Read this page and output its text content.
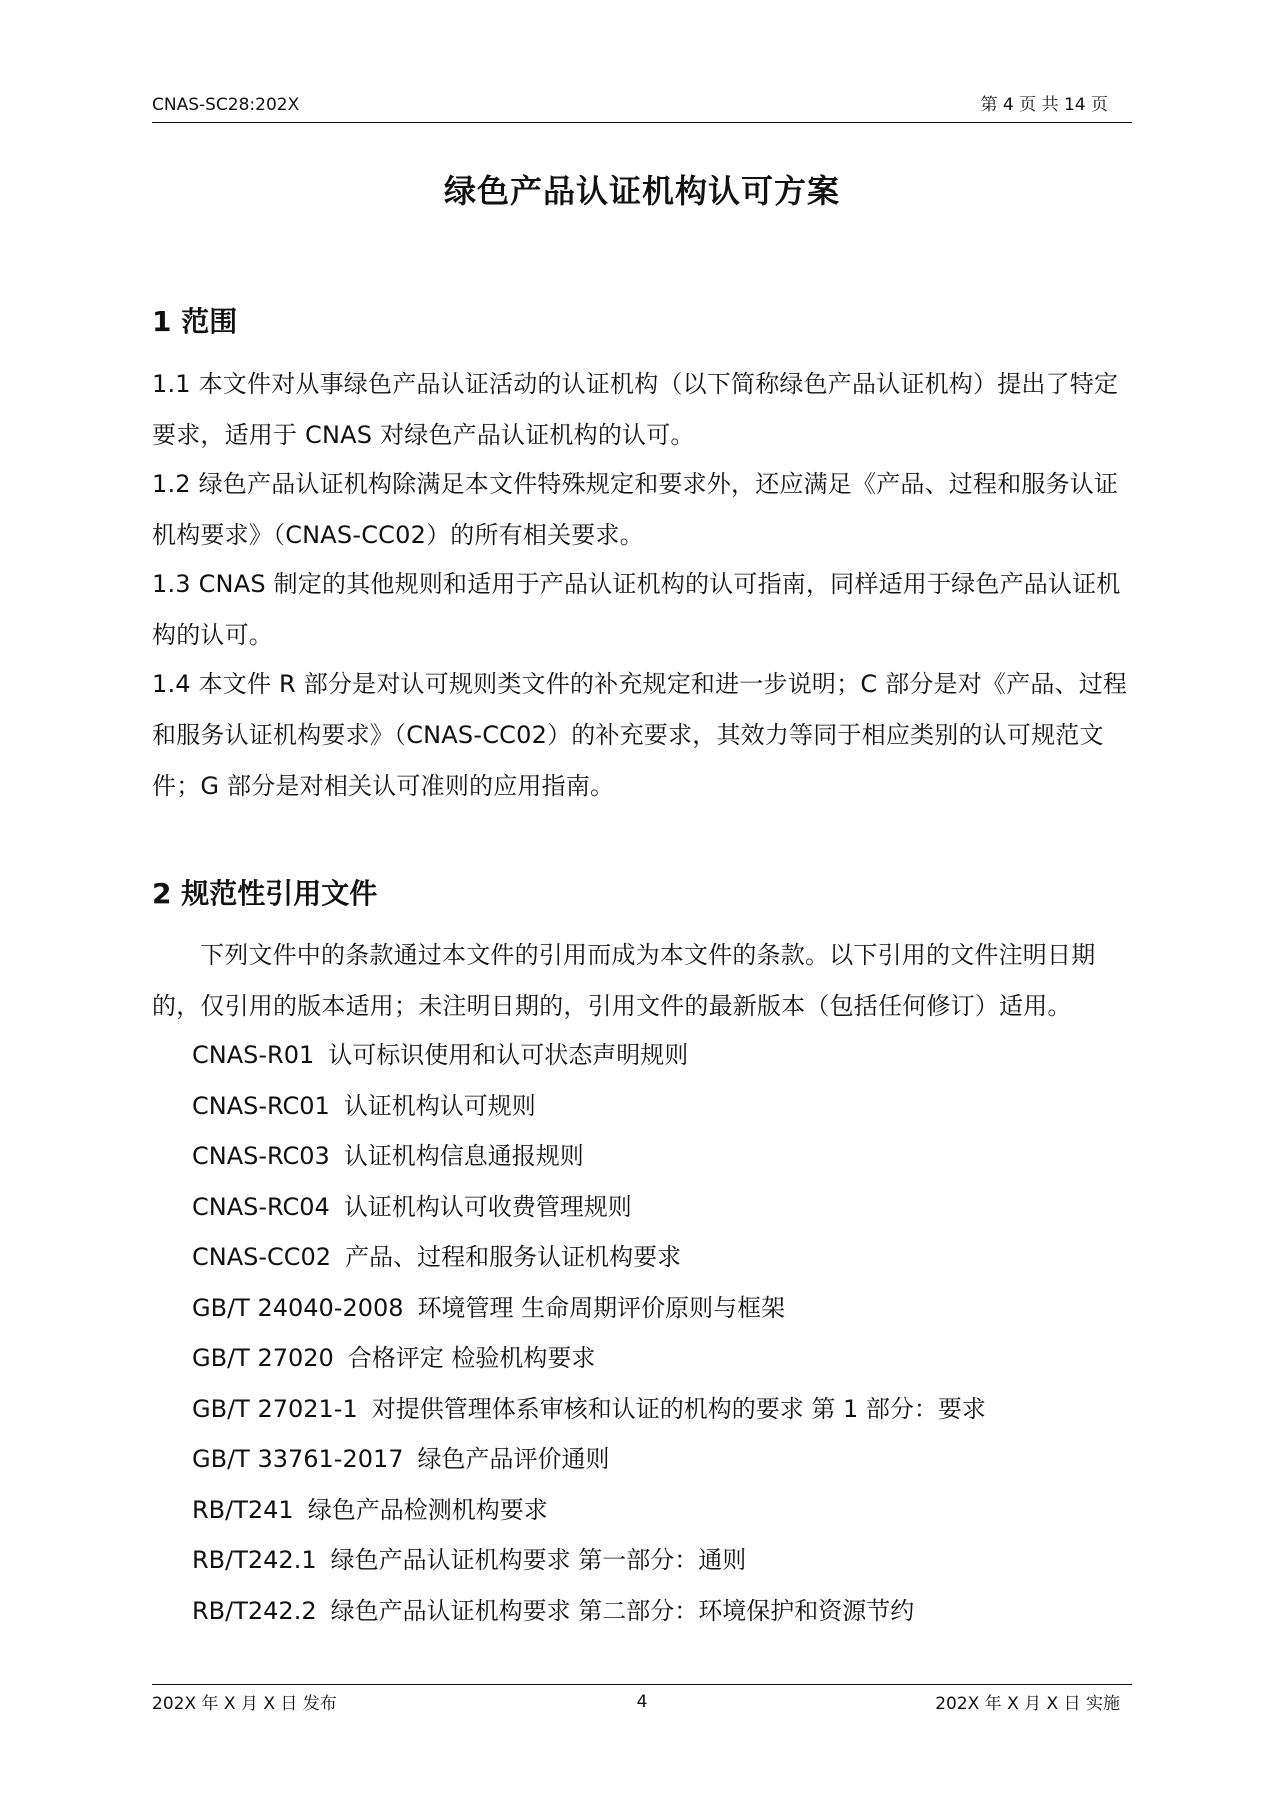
CNAS-SC28:202X	第 4 页 共 14 页
绿色产品认证机构认可方案
1 范围
1.1 本文件对从事绿色产品认证活动的认证机构（以下简称绿色产品认证机构）提出了特定要求，适用于 CNAS 对绿色产品认证机构的认可。
1.2 绿色产品认证机构除满足本文件特殊规定和要求外，还应满足《产品、过程和服务认证机构要求》（CNAS-CC02）的所有相关要求。
1.3 CNAS 制定的其他规则和适用于产品认证机构的认可指南，同样适用于绿色产品认证机构的认可。
1.4 本文件 R 部分是对认可规则类文件的补充规定和进一步说明；C 部分是对《产品、过程和服务认证机构要求》（CNAS-CC02）的补充要求，其效力等同于相应类别的认可规范文件；G 部分是对相关认可准则的应用指南。
2 规范性引用文件
下列文件中的条款通过本文件的引用而成为本文件的条款。以下引用的文件注明日期的，仅引用的版本适用；未注明日期的，引用文件的最新版本（包括任何修订）适用。
CNAS-R01 认可标识使用和认可状态声明规则
CNAS-RC01 认证机构认可规则
CNAS-RC03 认证机构信息通报规则
CNAS-RC04 认证机构认可收费管理规则
CNAS-CC02 产品、过程和服务认证机构要求
GB/T 24040-2008 环境管理 生命周期评价原则与框架
GB/T 27020 合格评定 检验机构要求
GB/T 27021-1 对提供管理体系审核和认证的机构的要求 第 1 部分：要求
GB/T 33761-2017 绿色产品评价通则
RB/T241 绿色产品检测机构要求
RB/T242.1 绿色产品认证机构要求 第一部分：通则
RB/T242.2 绿色产品认证机构要求 第二部分：环境保护和资源节约
202X 年 X 月 X 日 发布	4	202X 年 X 月 X 日 实施
